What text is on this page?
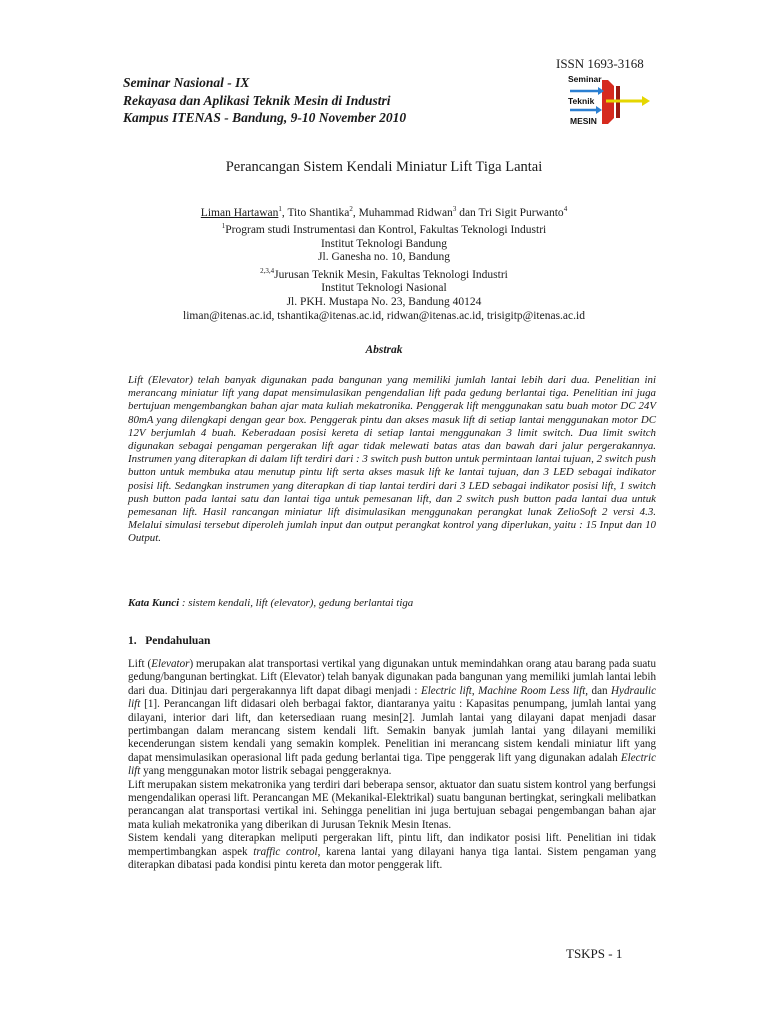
ISSN 1693-3168
Seminar Nasional - IX
Rekayasa dan Aplikasi Teknik Mesin di Industri
Kampus ITENAS - Bandung, 9-10 November 2010
Seminar
Teknik
MESIN
Perancangan Sistem Kendali Miniatur Lift Tiga Lantai
Liman Hartawan$^1$, Tito Shantika$^2$, Muhammad Ridwan$^3$ dan Tri Sigit Purwanto$^4$
$^1$Program studi Instrumentasi dan Kontrol, Fakultas Teknologi Industri
Institut Teknologi Bandung
Jl. Ganesha no. 10, Bandung
$^{2,3,4}$Jurusan Teknik Mesin, Fakultas Teknologi Industri
Institut Teknologi Nasional
Jl. PKH. Mustapa No. 23, Bandung 40124
liman@itenas.ac.id, tshantika@itenas.ac.id, ridwan@itenas.ac.id, trisigitp@itenas.ac.id
Abstrak
Lift (Elevator) telah banyak digunakan pada bangunan yang memiliki jumlah lantai lebih dari dua. Penelitian ini merancang miniatur lift yang dapat mensimulasikan pengendalian lift pada gedung berlantai tiga. Penelitian ini juga bertujuan mengembangkan bahan ajar mata kuliah mekatronika. Penggerak lift menggunakan satu buah motor DC 24V 80mA yang dilengkapi dengan gear box. Penggerak pintu dan akses masuk lift di setiap lantai menggunakan motor DC 12V berjumlah 4 buah. Keberadaan posisi kereta di setiap lantai menggunakan 3 limit switch. Dua limit switch digunakan sebagai pengaman pergerakan lift agar tidak melewati batas atas dan bawah dari jalur pergerakannya. Instrumen yang diterapkan di dalam lift terdiri dari : 3 switch push button untuk permintaan lantai tujuan, 2 switch push button untuk membuka atau menutup pintu lift serta akses masuk lift ke lantai tujuan, dan 3 LED sebagai indikator posisi lift. Sedangkan instrumen yang diterapkan di tiap lantai terdiri dari 3 LED sebagai indikator posisi lift, 1 switch push button pada lantai satu dan lantai tiga untuk pemesanan lift, dan 2 switch push button pada lantai dua untuk pemesanan lift. Hasil rancangan miniatur lift disimulasikan menggunakan perangkat lunak ZelioSoft 2 versi 4.3. Melalui simulasi tersebut diperoleh jumlah input dan output perangkat kontrol yang diperlukan, yaitu : 15 Input dan 10 Output.
Kata Kunci : sistem kendali, lift (elevator), gedung berlantai tiga
1. Pendahuluan

Lift (Elevator) merupakan alat transportasi vertikal yang digunakan untuk memindahkan orang atau barang pada suatu gedung/bangunan bertingkat. Lift (Elevator) telah banyak digunakan pada bangunan yang memiliki jumlah lantai lebih dari dua. Ditinjau dari pergerakannya lift dapat dibagi menjadi : Electric lift, Machine Room Less lift, dan Hydraulic lift [1]. Perancangan lift didasari oleh berbagai faktor, diantaranya yaitu : Kapasitas penumpang, jumlah lantai yang dilayani, interior dari lift, dan ketersediaan ruang mesin[2]. Jumlah lantai yang dilayani dapat menjadi dasar pertimbangan dalam merancang sistem kendali lift. Semakin banyak jumlah lantai yang dilayani memiliki kecenderungan sistem kendali yang semakin komplek. Penelitian ini merancang sistem kendali miniatur lift yang dapat mensimulasikan operasional lift pada gedung berlantai tiga. Tipe penggerak lift yang digunakan adalah Electric lift yang menggunakan motor listrik sebagai penggeraknya.

Lift merupakan sistem mekatronika yang terdiri dari beberapa sensor, aktuator dan suatu sistem kontrol yang berfungsi mengendalikan operasi lift. Perancangan ME (Mekanikal-Elektrikal) suatu bangunan bertingkat, seringkali melibatkan perancangan alat transportasi vertikal ini. Sehingga penelitian ini juga bertujuan sebagai pengembangan bahan ajar mata kuliah mekatronika yang diberikan di Jurusan Teknik Mesin Itenas.

Sistem kendali yang diterapkan meliputi pergerakan lift, pintu lift, dan indikator posisi lift. Penelitian ini tidak mempertimbangkan aspek traffic control, karena lantai yang dilayani hanya tiga lantai. Sistem pengaman yang diterapkan dibatasi pada kondisi pintu kereta dan motor penggerak lift.

TSKPS - 1
